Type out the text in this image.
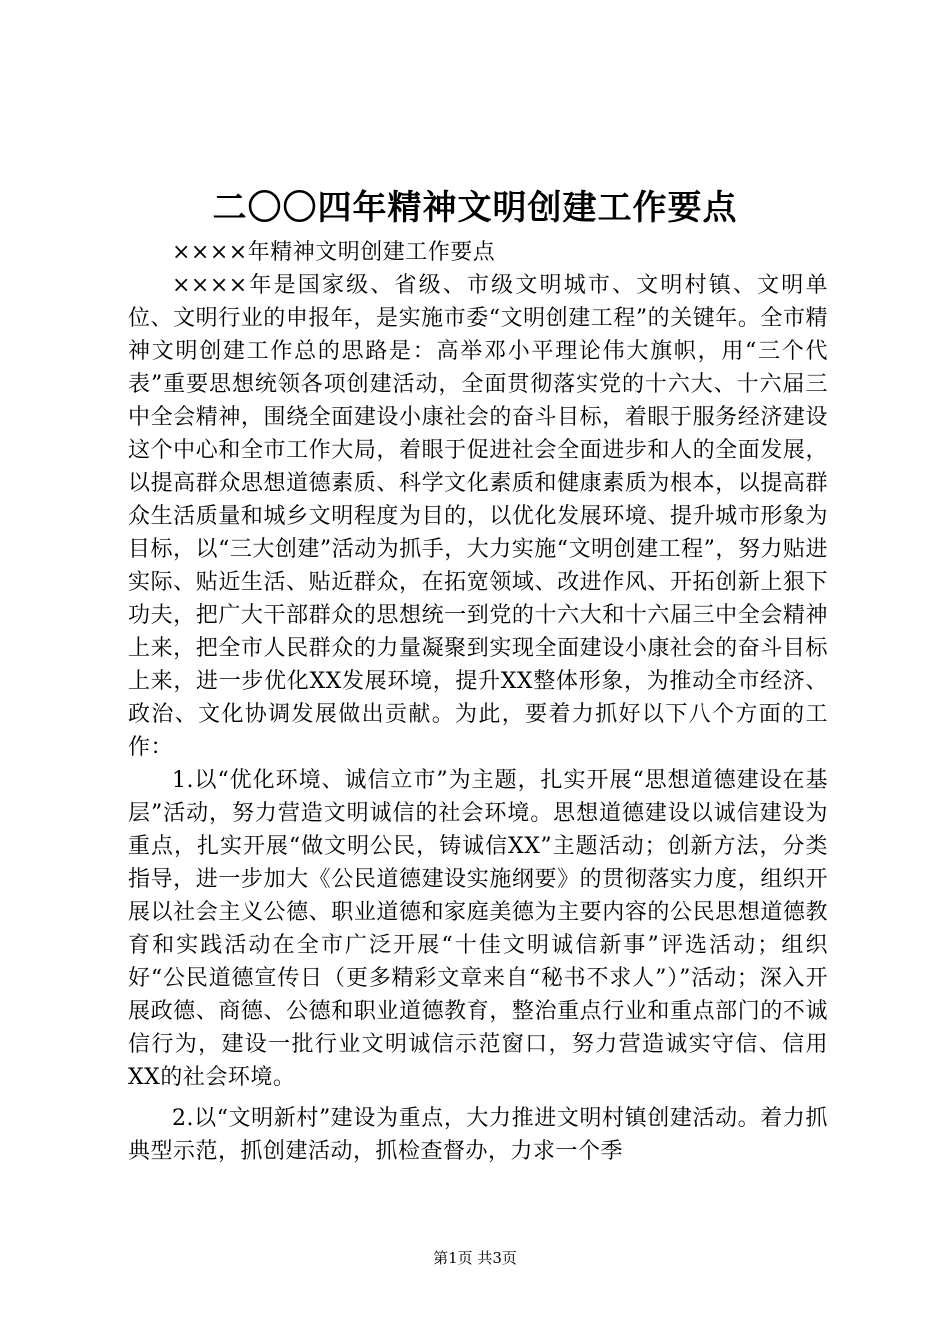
二〇〇四年精神文明创建工作要点

××××年精神文明创建工作要点

××××年是国家级、省级、市级文明城市、文明村镇、文明单位、文明行业的申报年，是实施市委“文明创建工程”的关键年。全市精神文明创建工作总的思路是：高举邓小平理论伟大旗帜，用“三个代表”重要思想统领各项创建活动，全面贯彻落实党的十六大、十六届三中全会精神，围绕全面建设小康社会的奋斗目标，着眼于服务经济建设这个中心和全市工作大局，着眼于促进社会全面进步和人的全面发展，以提高群众思想道德素质、科学文化素质和健康素质为根本，以提高群众生活质量和城乡文明程度为目的，以优化发展环境、提升城市形象为目标，以“三大创建”活动为抓手，大力实施“文明创建工程”，努力贴进实际、贴近生活、贴近群众，在拓宽领域、改进作风、开拓创新上狠下功夫，把广大干部群众的思想统一到党的十六大和十六届三中全会精神上来，把全市人民群众的力量凝聚到实现全面建设小康社会的奋斗目标上来，进一步优化XX发展环境，提升XX整体形象，为推动全市经济、政治、文化协调发展做出贡献。为此，要着力抓好以下八个方面的工作：

1.以“优化环境、诚信立市”为主题，扎实开展“思想道德建设在基层”活动，努力营造文明诚信的社会环境。思想道德建设以诚信建设为重点，扎实开展“做文明公民，铸诚信XX”主题活动；创新方法，分类指导，进一步加大《公民道德建设实施纲要》的贯彻落实力度，组织开展以社会主义公德、职业道德和家庭美德为主要内容的公民思想道德教育和实践活动在全市广泛开展“十佳文明诚信新事”评选活动；组织好“公民道德宣传日（更多精彩文章来自“秘书不求人”）”活动；深入开展政德、商德、公德和职业道德教育，整治重点行业和重点部门的不诚信行为，建设一批行业文明诚信示范窗口，努力营造诚实守信、信用XX的社会环境。

2.以“文明新村”建设为重点，大力推进文明村镇创建活动。着力抓典型示范，抓创建活动，抓检查督办，力求一个季

第1页 共3页
